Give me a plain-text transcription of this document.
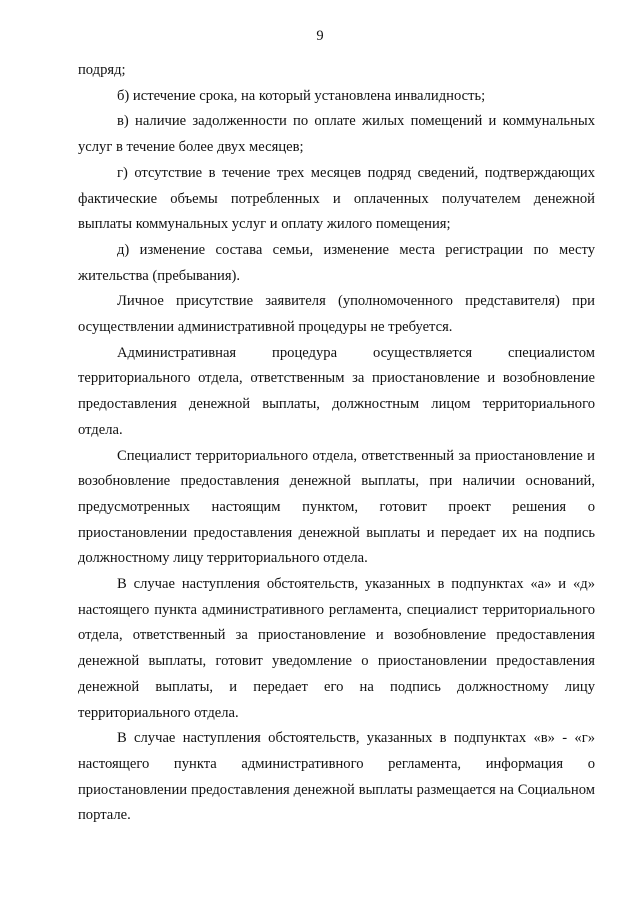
9

подряд;

б) истечение срока, на который установлена инвалидность;

в) наличие задолженности по оплате жилых помещений и коммунальных услуг в течение более двух месяцев;

г) отсутствие в течение трех месяцев подряд сведений, подтверждающих фактические объемы потребленных и оплаченных получателем денежной выплаты коммунальных услуг и оплату жилого помещения;

д) изменение состава семьи, изменение места регистрации по месту жительства (пребывания).

Личное присутствие заявителя (уполномоченного представителя) при осуществлении административной процедуры не требуется.

Административная процедура осуществляется специалистом территориального отдела, ответственным за приостановление и возобновление предоставления денежной выплаты, должностным лицом территориального отдела.

Специалист территориального отдела, ответственный за приостановление и возобновление предоставления денежной выплаты, при наличии оснований, предусмотренных настоящим пунктом, готовит проект решения о приостановлении предоставления денежной выплаты и передает их на подпись должностному лицу территориального отдела.

В случае наступления обстоятельств, указанных в подпунктах «а» и «д» настоящего пункта административного регламента, специалист территориального отдела, ответственный за приостановление и возобновление предоставления денежной выплаты, готовит уведомление о приостановлении предоставления денежной выплаты, и передает его на подпись должностному лицу территориального отдела.

В случае наступления обстоятельств, указанных в подпунктах «в» - «г» настоящего пункта административного регламента, информация о приостановлении предоставления денежной выплаты размещается на Социальном портале.
